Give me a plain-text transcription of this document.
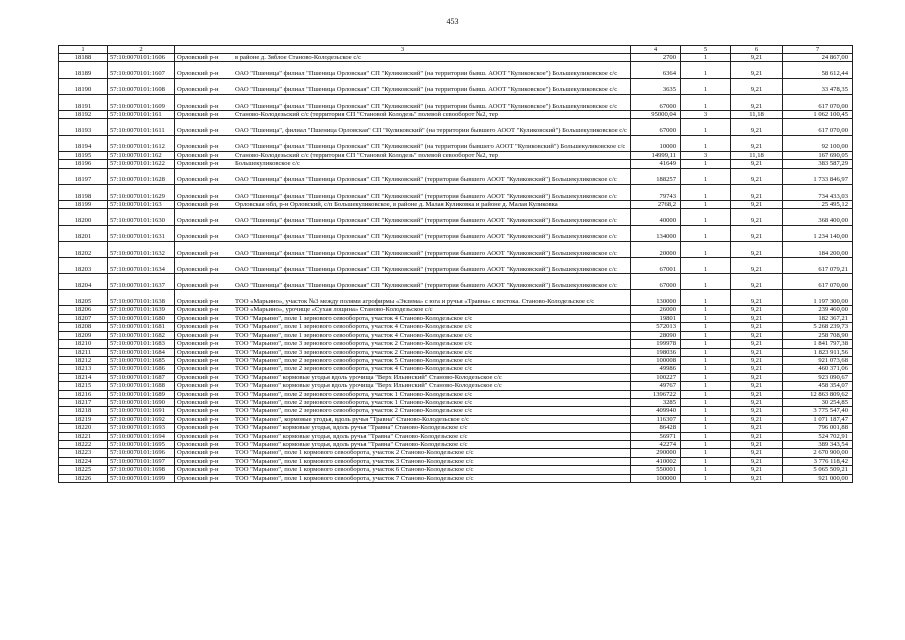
453
1	2	3	4	5	6	7
18188	57:10:0070101:1606	Орловский р-н в районе д. Зяблое Станово-Колодезьское с/с	2700	1	9,21	24 867,00
18189	57:10:0070101:1607	Орловский р-н ОАО "Пшеница" филиал "Пшеница Орловская" СП "Куликовский" (на территории бывш. АООТ "Куликовское") Большекуликовское с/с	6364	1	9,21	58 612,44
18190	57:10:0070101:1608	Орловский р-н ОАО "Пшеница" филиал "Пшеница Орловская" СП "Куликовский" (на территории бывш. АООТ "Куликовское") Большекуликовское с/с	3635	1	9,21	33 478,35
18191	57:10:0070101:1609	Орловский р-н ОАО "Пшеница" филиал "Пшеница Орловская" СП "Куликовский" (на территории бывш. АООТ "Куликовское") Большекуликовское с/с	67000	1	9,21	617 070,00
18192	57:10:0070101:161	Орловский р-н Станово-Колодезьский с/с (территория СП "Становой Колодезь" полевой севооборот №2, тер	95000,04	3	11,18	1 062 100,45
18193	57:10:0070101:1611	Орловский р-н ОАО "Пшеница", филиал "Пшеница Орловская" СП "Куликовский" (на территории бывшего АООТ "Куликовский") Большекуликовское с/с	67000	1	9,21	617 070,00
18194	57:10:0070101:1612	Орловский р-н ОАО "Пшеница" филиал "Пшеница Орловская" СП "Куликовский" (на территории бывшего АООТ "Куликовский") Большекуликовское с/с	10000	1	9,21	92 100,00
18195	57:10:0070101:162	Орловский р-н Станово-Колодезьский с/с (территория СП "Становой Колодезь" полевой севооборот №2, тер	14999,11	3	11,18	167 690,05
18196	57:10:0070101:1622	Орловский р-н Большекуликовское с/с	41649	1	9,21	383 587,29
18197	57:10:0070101:1628	Орловский р-н ОАО "Пшеница" филиал "Пшеница Орловская" СП "Куликовский" (территория бывшего АООТ "Куликовский") Большекуликовское с/с	188257	1	9,21	1 733 846,97
18198	57:10:0070101:1629	Орловский р-н ОАО "Пшеница" филиал "Пшеница Орловская" СП "Куликовский" (территория бывшего АООТ "Куликовский") Большекуликовское с/с	79743	1	9,21	734 433,03
18199	57:10:0070101:163	Орловский р-н Орловская обл, р-н Орловский, с/п Большекуликовское, в районе д. Малая Куликовка и районе д. Малая Куликовка	2768,2	1	9,21	25 495,12
18200	57:10:0070101:1630	Орловский р-н ОАО "Пшеница" филиал "Пшеница Орловская" СП "Куликовский" (территория бывшего АООТ "Куликовский") Большекуликовское с/с	40000	1	9,21	368 400,00
18201	57:10:0070101:1631	Орловский р-н ОАО "Пшеница" филиал "Пшеница Орловская" СП "Куликовский" (территория бывшего АООТ "Куликовский") Большекуликовское с/с	134000	1	9,21	1 234 140,00
18202	57:10:0070101:1632	Орловский р-н ОАО "Пшеница" филиал "Пшеница Орловская" СП "Куликовский" (территория бывшего АООТ "Куликовский") Большекуликовское с/с	20000	1	9,21	184 200,00
18203	57:10:0070101:1634	Орловский р-н ОАО "Пшеница" филиал "Пшеница Орловская" СП "Куликовский" (территория бывшего АООТ "Куликовский") Большекуликовское с/с	67001	1	9,21	617 079,21
18204	57:10:0070101:1637	Орловский р-н ОАО "Пшеница" филиал "Пшеница Орловская" СП "Куликовский" (территория бывшего АООТ "Куликовский") Большекуликовское с/с	67000	1	9,21	617 070,00
18205	57:10:0070101:1638	Орловский р-н ТОО «Марьино», участок №3 между полями агрофирмы «Экзима» с юга и ручья «Травна» с востока. Станово-Колодезьское с/с	130000	1	9,21	1 197 300,00
18206	57:10:0070101:1639	Орловский р-н ТОО «Марьино», урочище «Сухая лощина» Станово-Колодезьское с/с	26000	1	9,21	239 460,00
18207	57:10:0070101:1680	Орловский р-н ТОО "Марьино", поле 1 зернового севооборота, участок 4 Станово-Колодезьское с/с	19801	1	9,21	182 367,21
18208	57:10:0070101:1681	Орловский р-н ТОО "Марьино", поле 1 зернового севооборота, участок 4 Станово-Колодезьское с/с	572013	1	9,21	5 268 239,73
18209	57:10:0070101:1682	Орловский р-н ТОО "Марьино", поле 1 зернового севооборота, участок 4 Станово-Колодезьское с/с	28090	1	9,21	258 708,90
18210	57:10:0070101:1683	Орловский р-н ТОО "Марьино", поле 3 зернового севооборота, участок 2 Станово-Колодезьское с/с	199978	1	9,21	1 841 797,38
18211	57:10:0070101:1684	Орловский р-н ТОО "Марьино", поле 3 зернового севооборота, участок 2 Станово-Колодезьское с/с	198036	1	9,21	1 823 911,56
18212	57:10:0070101:1685	Орловский р-н ТОО "Марьино", поле 2 зернового севооборота, участок 5 Станово-Колодезьское с/с	100008	1	9,21	921 073,68
18213	57:10:0070101:1686	Орловский р-н ТОО "Марьино", поле 2 зернового севооборота, участок 4 Станово-Колодезьское с/с	49986	1	9,21	460 371,06
18214	57:10:0070101:1687	Орловский р-н ТОО "Марьино" кормовые угодья вдоль урочища "Верх Ильинский" Станово-Колодезьское с/с	100227	1	9,21	923 090,67
18215	57:10:0070101:1688	Орловский р-н ТОО "Марьино" кормовые угодья вдоль урочища "Верх Ильинский" Станово-Колодезьское с/с	49767	1	9,21	458 354,07
18216	57:10:0070101:1689	Орловский р-н ТОО "Марьино", поле 2 зернового севооборота, участок 1 Станово-Колодезьское с/с	1396722	1	9,21	12 863 809,62
18217	57:10:0070101:1690	Орловский р-н ТОО "Марьино", поле 2 зернового севооборота, участок 1 Станово-Колодезьское с/с	3285	1	9,21	30 254,85
18218	57:10:0070101:1691	Орловский р-н ТОО "Марьино", поле 2 зернового севооборота, участок 2 Станово-Колодезьское с/с	409940	1	9,21	3 775 547,40
18219	57:10:0070101:1692	Орловский р-н ТОО "Марьино", кормовые угодья, вдоль ручья "Травна" Станово-Колодезьское с/с	116307	1	9,21	1 071 187,47
18220	57:10:0070101:1693	Орловский р-н ТОО "Марьино" кормовые угодья, вдоль ручья "Травна" Станово-Колодезьское с/с	86428	1	9,21	796 001,88
18221	57:10:0070101:1694	Орловский р-н ТОО "Марьино" кормовые угодья, вдоль ручья "Травна" Станово-Колодезьское с/с	56971	1	9,21	524 702,91
18222	57:10:0070101:1695	Орловский р-н ТОО "Марьино" кормовые угодья, вдоль ручья "Травна" Станово-Колодезьское с/с	42274	1	9,21	389 343,54
18223	57:10:0070101:1696	Орловский р-н ТОО "Марьино", поле 1 кормового севооборота, участок 2 Станово-Колодезьское с/с	290000	1	9,21	2 670 900,00
18224	57:10:0070101:1697	Орловский р-н ТОО "Марьино", поле 1 кормового севооборота, участок 3 Станово-Колодезьское с/с	410002	1	9,21	3 776 118,42
18225	57:10:0070101:1698	Орловский р-н ТОО "Марьино", поле 1 кормового севооборота, участок 6 Станово-Колодезьское с/с	550001	1	9,21	5 065 509,21
18226	57:10:0070101:1699	Орловский р-н ТОО "Марьино", поле 1 кормового севооборота, участок 7 Станово-Колодезьское с/с	100000	1	9,21	921 000,00
